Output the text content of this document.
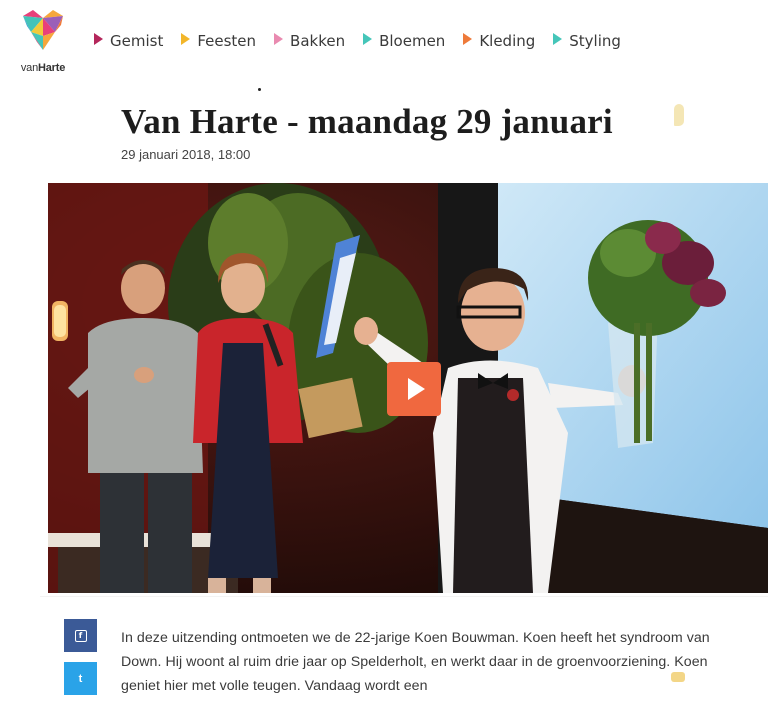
vanHarte
Gemist Feesten Bakken Bloemen Kleding Styling
Van Harte - maandag 29 januari
29 januari 2018, 18:00
f
t

In deze uitzending ontmoeten we de 22-jarige Koen Bouwman. Koen heeft het syndroom van Down. Hij woont al ruim drie jaar op Spelderholt, en werkt daar in de groenvoorziening. Koen geniet hier met volle teugen. Vandaag wordt een
